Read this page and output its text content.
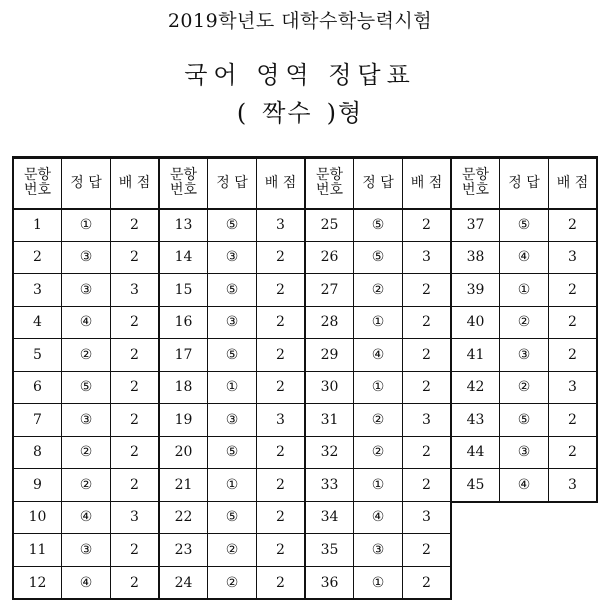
2019학년도 대학수학능력시험
국어 영역 정답표
( 짝수 )형
문항
번호	정 답	배 점
1	①	2
2	③	2
3	③	3
4	④	2
5	②	2
6	⑤	2
7	③	2
8	②	2
9	②	2
10	④	3
11	③	2
12	④	2
문항
번호	정 답	배 점
13	⑤	3
14	③	2
15	⑤	2
16	③	2
17	⑤	2
18	①	2
19	③	3
20	⑤	2
21	①	2
22	⑤	2
23	②	2
24	②	2
문항
번호	정 답	배 점
25	⑤	2
26	⑤	3
27	②	2
28	①	2
29	④	2
30	①	2
31	②	3
32	②	2
33	①	2
34	④	3
35	③	2
36	①	2
문항
번호	정 답	배 점
37	⑤	2
38	④	3
39	①	2
40	②	2
41	③	2
42	②	3
43	⑤	2
44	③	2
45	④	3
